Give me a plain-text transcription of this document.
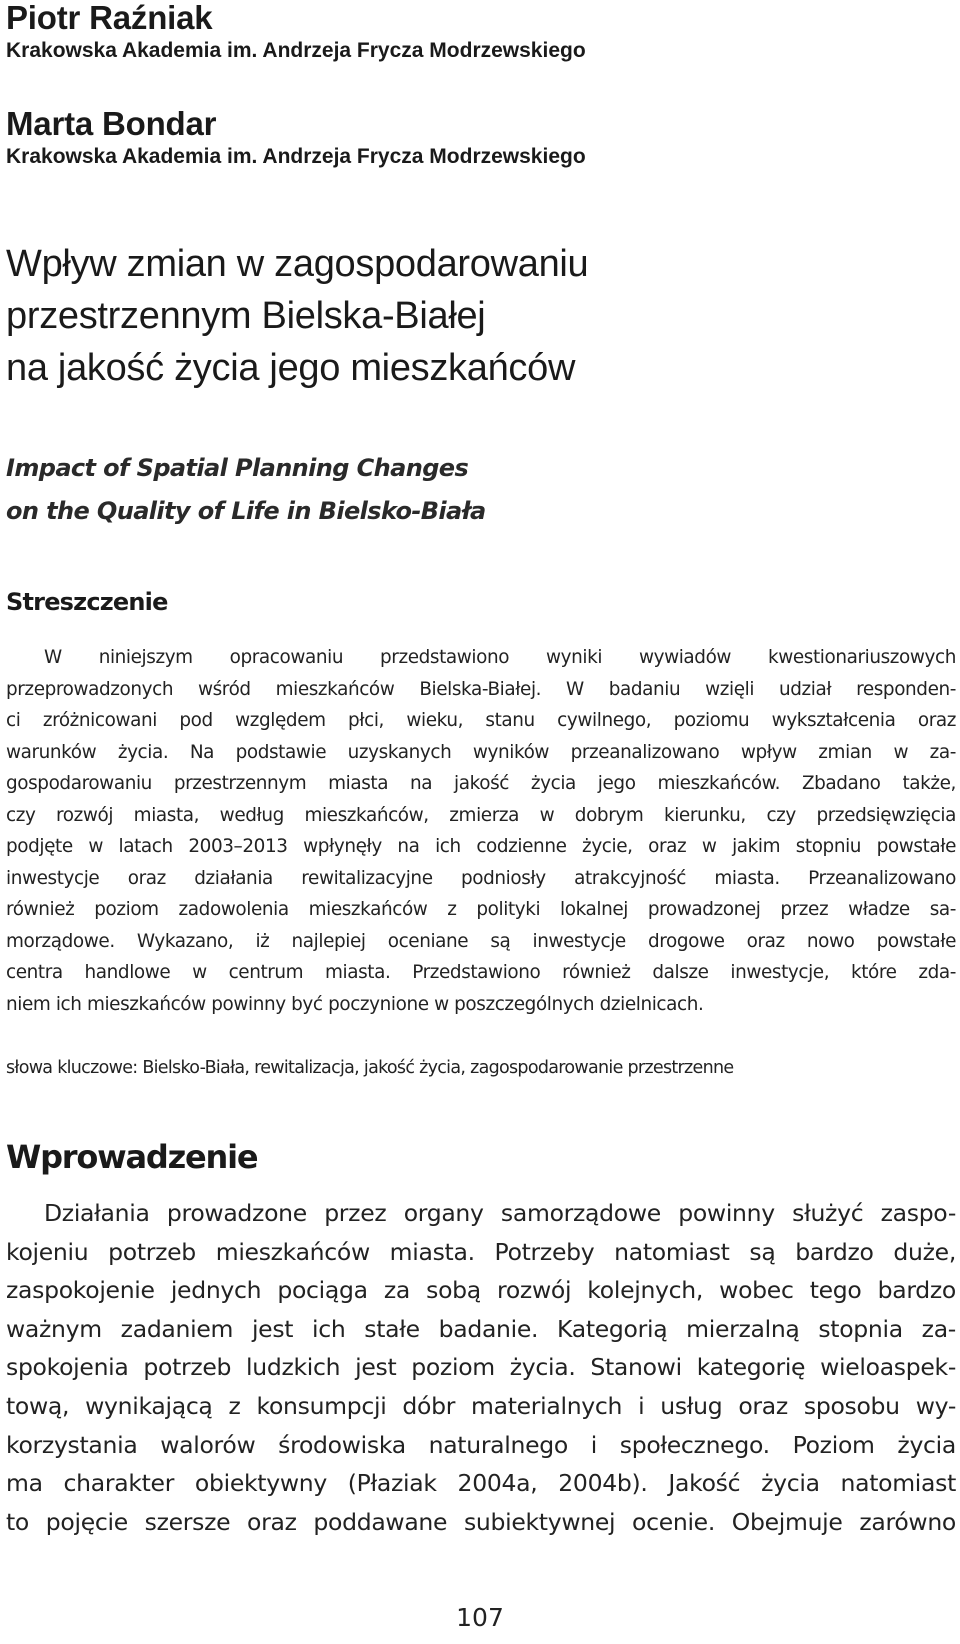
Piotr Raźniak
Krakowska Akademia im. Andrzeja Frycza Modrzewskiego
Marta Bondar
Krakowska Akademia im. Andrzeja Frycza Modrzewskiego
Wpływ zmian w zagospodarowaniu
przestrzennym Bielska-Białej
na jakość życia jego mieszkańców
Impact of Spatial Planning Changes
on the Quality of Life in Bielsko-Biała
Streszczenie
W niniejszym opracowaniu przedstawiono wyniki wywiadów kwestionariuszowych
przeprowadzonych wśród mieszkańców Bielska-Białej. W badaniu wzięli udział responden-
ci zróżnicowani pod względem płci, wieku, stanu cywilnego, poziomu wykształcenia oraz
warunków życia. Na podstawie uzyskanych wyników przeanalizowano wpływ zmian w za-
gospodarowaniu przestrzennym miasta na jakość życia jego mieszkańców. Zbadano także,
czy rozwój miasta, według mieszkańców, zmierza w dobrym kierunku, czy przedsięwzięcia
podjęte w latach 2003–2013 wpłynęły na ich codzienne życie, oraz w jakim stopniu powstałe
inwestycje oraz działania rewitalizacyjne podniosły atrakcyjność miasta. Przeanalizowano
również poziom zadowolenia mieszkańców z polityki lokalnej prowadzonej przez władze sa-
morządowe. Wykazano, iż najlepiej oceniane są inwestycje drogowe oraz nowo powstałe
centra handlowe w centrum miasta. Przedstawiono również dalsze inwestycje, które zda-
niem ich mieszkańców powinny być poczynione w poszczególnych dzielnicach.
słowa kluczowe: Bielsko-Biała, rewitalizacja, jakość życia, zagospodarowanie przestrzenne
Wprowadzenie
Działania prowadzone przez organy samorządowe powinny służyć zaspo-
kojeniu potrzeb mieszkańców miasta. Potrzeby natomiast są bardzo duże,
zaspokojenie jednych pociąga za sobą rozwój kolejnych, wobec tego bardzo
ważnym zadaniem jest ich stałe badanie. Kategorią mierzalną stopnia za-
spokojenia potrzeb ludzkich jest poziom życia. Stanowi kategorię wieloaspek-
tową, wynikającą z konsumpcji dóbr materialnych i usług oraz sposobu wy-
korzystania walorów środowiska naturalnego i społecznego. Poziom życia
ma charakter obiektywny (Płaziak 2004a, 2004b). Jakość życia natomiast
to pojęcie szersze oraz poddawane subiektywnej ocenie. Obejmuje zarówno
107
